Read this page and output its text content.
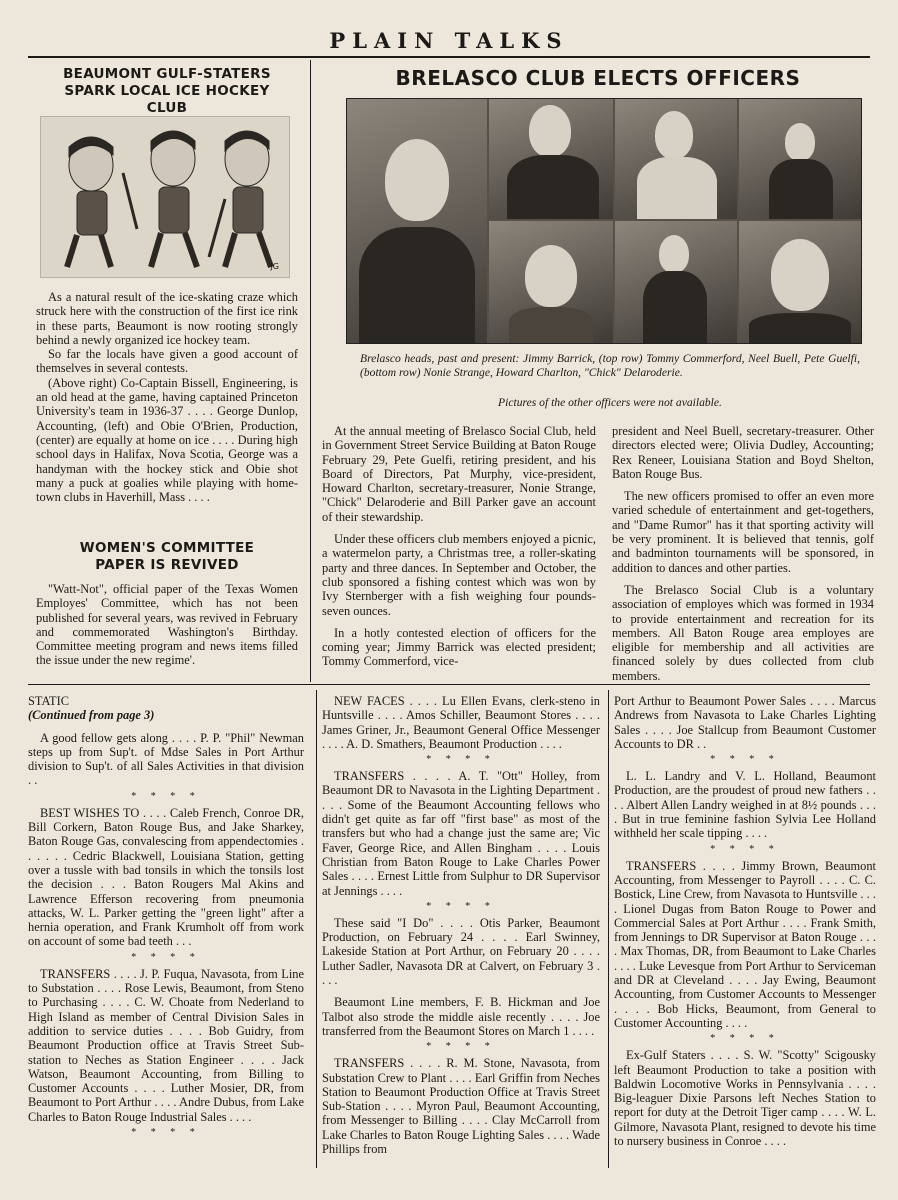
PLAIN TALKS
BEAUMONT GULF-STATERS SPARK LOCAL ICE HOCKEY CLUB
JG

As a natural result of the ice-skating craze which struck here with the construction of the first ice rink in these parts, Beaumont is now rooting strongly behind a newly organized ice hockey team.

So far the locals have given a good account of themselves in several contests.

(Above right) Co-Captain Bissell, Engineering, is an old head at the game, having captained Princeton University's team in 1936-37 . . . . George Dunlop, Accounting, (left) and Obie O'Brien, Production, (center) are equally at home on ice . . . . During high school days in Halifax, Nova Scotia, George was a handyman with the hockey stick and Obie shot many a puck at goalies while playing with home-town clubs in Haverhill, Mass . . . .

WOMEN'S COMMITTEE PAPER IS REVIVED

"Watt-Not", official paper of the Texas Women Employes' Committee, which has not been published for several years, was revived in February and commemorated Washington's Birthday. Committee meeting program and news items filled the issue under the new regime'.

BRELASCO CLUB ELECTS OFFICERS
Brelasco heads, past and present: Jimmy Barrick, (top row) Tommy Commerford, Neel Buell, Pete Guelfi, (bottom row) Nonie Strange, Howard Charlton, "Chick" Delaroderie.
Pictures of the other officers were not available.

At the annual meeting of Brelasco Social Club, held in Government Street Service Building at Baton Rouge February 29, Pete Guelfi, retiring president, and his Board of Directors, Pat Murphy, vice-president, Howard Charlton, secretary-treasurer, Nonie Strange, "Chick" Delaroderie and Bill Parker gave an account of their stewardship.

Under these officers club members enjoyed a picnic, a watermelon party, a Christmas tree, a roller-skating party and three dances. In September and October, the club sponsored a fishing contest which was won by Ivy Sternberger with a fish weighing four pounds-seven ounces.

In a hotly contested election of officers for the coming year; Jimmy Barrick was elected president; Tommy Commerford, vice-

president and Neel Buell, secretary-treasurer. Other directors elected were; Olivia Dudley, Accounting; Rex Reneer, Louisiana Station and Boyd Shelton, Baton Rouge Bus.

The new officers promised to offer an even more varied schedule of entertainment and get-togethers, and "Dame Rumor" has it that sporting activity will be very prominent. It is believed that tennis, golf and badminton tournaments will be sponsored, in addition to dances and other parties.

The Brelasco Social Club is a voluntary association of employes which was formed in 1934 to provide entertainment and recreation for its members. All Baton Rouge area employes are eligible for membership and all activities are financed solely by dues collected from club members.

STATIC
(Continued from page 3)

A good fellow gets along . . . . P. P. "Phil" Newman steps up from Sup't. of Mdse Sales in Port Arthur division to Sup't. of all Sales Activities in that division . .

* * * *

BEST WISHES TO . . . . Caleb French, Conroe DR, Bill Corkern, Baton Rouge Bus, and Jake Sharkey, Baton Rouge Gas, convalescing from appendectomies . . . . . . Cedric Blackwell, Louisiana Station, getting over a tussle with bad tonsils in which the tonsils lost the decision . . . Baton Rougers Mal Akins and Lawrence Efferson recovering from pneumonia attacks, W. L. Parker getting the "green light" after a hernia operation, and Frank Krumholt off from work on account of some bad teeth . . .

* * * *

TRANSFERS . . . . J. P. Fuqua, Navasota, from Line to Substation . . . . Rose Lewis, Beaumont, from Steno to Purchasing . . . . C. W. Choate from Nederland to High Island as member of Central Division Sales in addition to service duties . . . . Bob Guidry, from Beaumont Production office at Travis Street Sub-station to Neches as Station Engineer . . . . Jack Watson, Beaumont Accounting, from Billing to Customer Accounts . . . . Luther Mosier, DR, from Beaumont to Port Arthur . . . . Andre Dubus, from Lake Charles to Baton Rouge Industrial Sales . . . .

* * * *

NEW FACES . . . . Lu Ellen Evans, clerk-steno in Huntsville . . . . Amos Schiller, Beaumont Stores . . . . James Griner, Jr., Beaumont General Office Messenger . . . . A. D. Smathers, Beaumont Production . . . .

* * * *

TRANSFERS . . . . A. T. "Ott" Holley, from Beaumont DR to Navasota in the Lighting Department . . . . Some of the Beaumont Accounting fellows who didn't get quite as far off "first base" as most of the transfers but who had a change just the same are; Vic Faver, George Rice, and Allen Bingham . . . . Louis Christian from Baton Rouge to Lake Charles Power Sales . . . . Ernest Little from Sulphur to DR Supervisor at Jennings . . . .

* * * *

These said "I Do" . . . . Otis Parker, Beaumont Production, on February 24 . . . . Earl Swinney, Lakeside Station at Port Arthur, on February 20 . . . . Luther Sadler, Navasota DR at Calvert, on February 3 . . . .

Beaumont Line members, F. B. Hickman and Joe Talbot also strode the middle aisle recently . . . . Joe transferred from the Beaumont Stores on March 1 . . . .

* * * *

TRANSFERS . . . . R. M. Stone, Navasota, from Substation Crew to Plant . . . . Earl Griffin from Neches Station to Beaumont Production Office at Travis Street Sub-Station . . . . Myron Paul, Beaumont Accounting, from Messenger to Billing . . . . Clay McCarroll from Lake Charles to Baton Rouge Lighting Sales . . . . Wade Phillips from

Port Arthur to Beaumont Power Sales . . . . Marcus Andrews from Navasota to Lake Charles Lighting Sales . . . . Joe Stallcup from Beaumont Customer Accounts to DR . .

* * * *

L. L. Landry and V. L. Holland, Beaumont Production, are the proudest of proud new fathers . . . . Albert Allen Landry weighed in at 8½ pounds . . . . But in true feminine fashion Sylvia Lee Holland withheld her scale tipping . . . .

* * * *

TRANSFERS . . . . Jimmy Brown, Beaumont Accounting, from Messenger to Payroll . . . . C. C. Bostick, Line Crew, from Navasota to Huntsville . . . . Lionel Dugas from Baton Rouge to Power and Commercial Sales at Port Arthur . . . . Frank Smith, from Jennings to DR Supervisor at Baton Rouge . . . . Max Thomas, DR, from Beaumont to Lake Charles . . . . Luke Levesque from Port Arthur to Serviceman and DR at Cleveland . . . . Jay Ewing, Beaumont Accounting, from Customer Accounts to Messenger . . . . Bob Hicks, Beaumont, from General to Customer Accounting . . . .

* * * *

Ex-Gulf Staters . . . . S. W. "Scotty" Scigousky left Beaumont Production to take a position with Baldwin Locomotive Works in Pennsylvania . . . . Big-leaguer Dixie Parsons left Neches Station to report for duty at the Detroit Tiger camp . . . . W. L. Gilmore, Navasota Plant, resigned to devote his time to nursery business in Conroe . . . .
